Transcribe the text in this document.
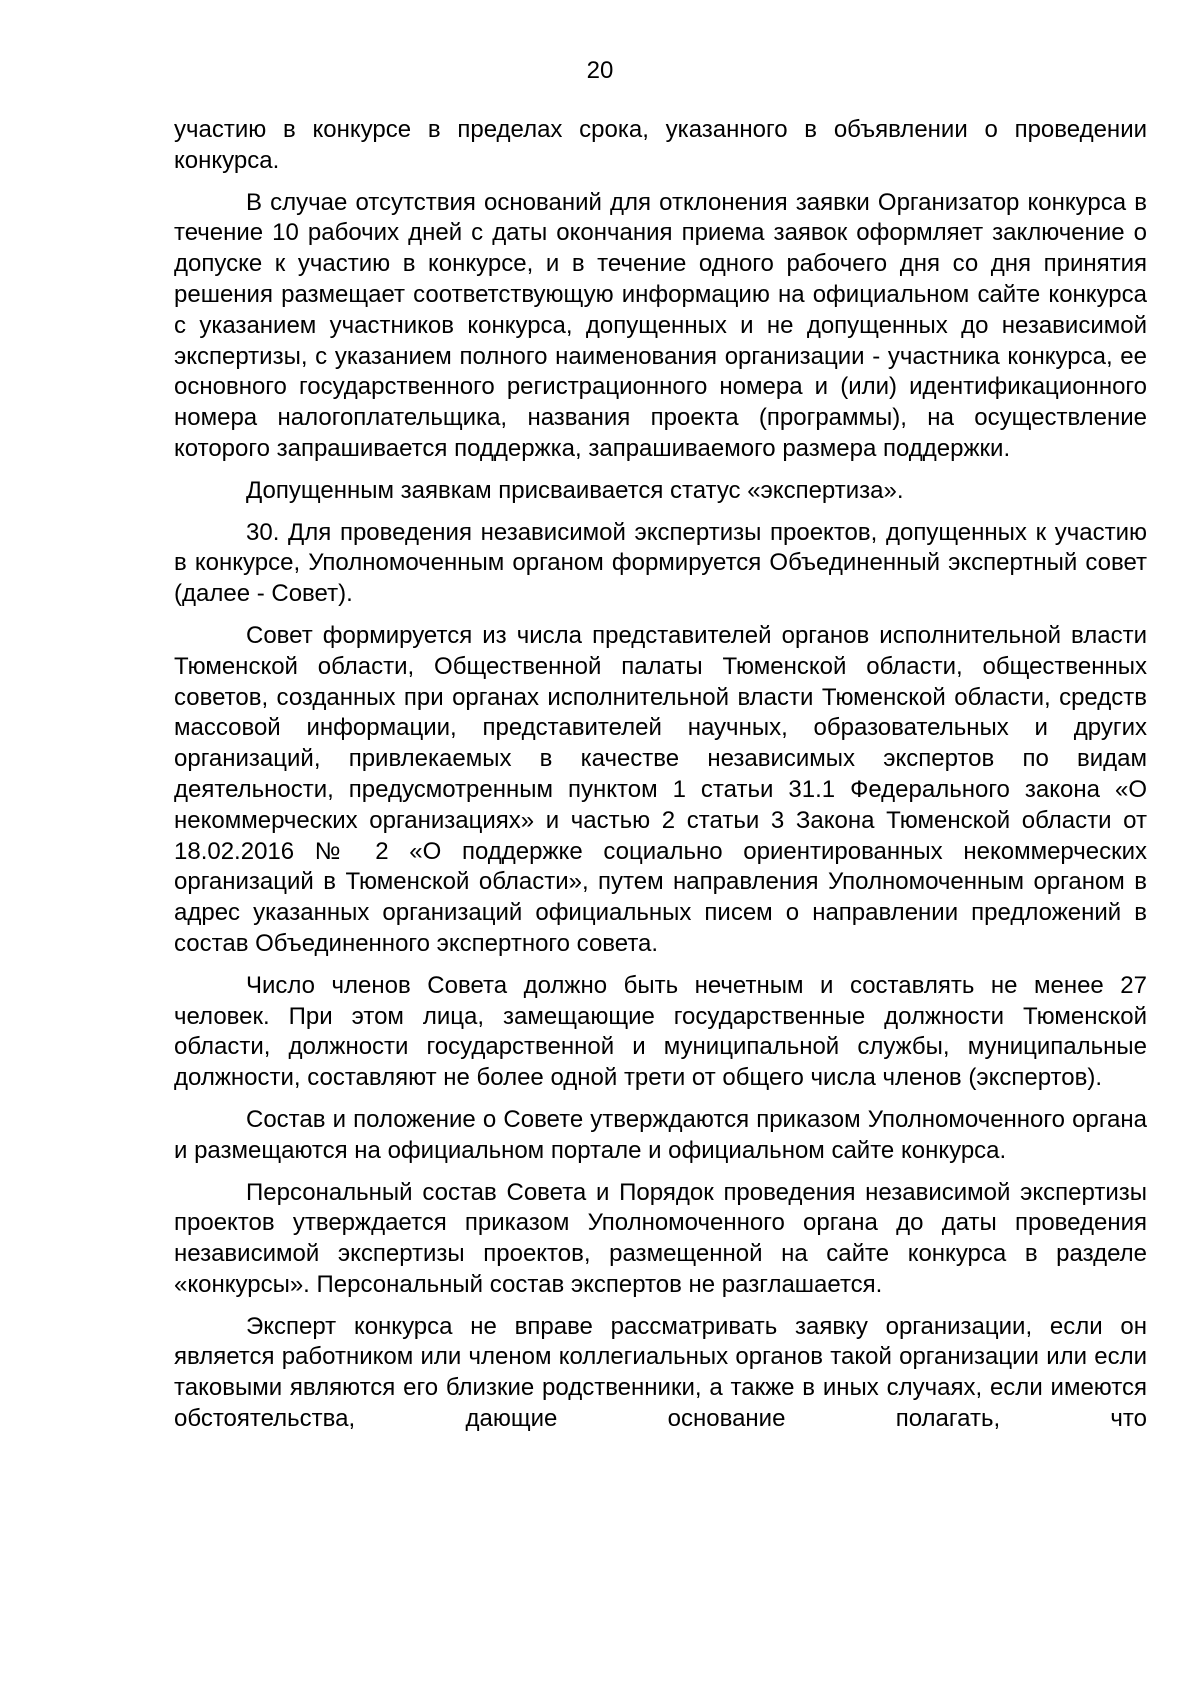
20

участию в конкурсе в пределах срока, указанного в объявлении о проведении конкурса.

В случае отсутствия оснований для отклонения заявки Организатор конкурса в течение 10 рабочих дней с даты окончания приема заявок оформляет заключение о допуске к участию в конкурсе, и в течение одного рабочего дня со дня принятия решения размещает соответствующую информацию на официальном сайте конкурса с указанием участников конкурса, допущенных и не допущенных до независимой экспертизы, с указанием полного наименования организации - участника конкурса, ее основного государственного регистрационного номера и (или) идентификационного номера налогоплательщика, названия проекта (программы), на осуществление которого запрашивается поддержка, запрашиваемого размера поддержки.

Допущенным заявкам присваивается статус «экспертиза».

30. Для проведения независимой экспертизы проектов, допущенных к участию в конкурсе, Уполномоченным органом формируется Объединенный экспертный совет (далее - Совет).

Совет формируется из числа представителей органов исполнительной власти Тюменской области, Общественной палаты Тюменской области, общественных советов, созданных при органах исполнительной власти Тюменской области, средств массовой информации, представителей научных, образовательных и других организаций, привлекаемых в качестве независимых экспертов по видам деятельности, предусмотренным пунктом 1 статьи 31.1 Федерального закона «О некоммерческих организациях» и частью 2 статьи 3 Закона Тюменской области от 18.02.2016 № 2 «О поддержке социально ориентированных некоммерческих организаций в Тюменской области», путем направления Уполномоченным органом в адрес указанных организаций официальных писем о направлении предложений в состав Объединенного экспертного совета.

Число членов Совета должно быть нечетным и составлять не менее 27 человек. При этом лица, замещающие государственные должности Тюменской области, должности государственной и муниципальной службы, муниципальные должности, составляют не более одной трети от общего числа членов (экспертов).

Состав и положение о Совете утверждаются приказом Уполномоченного органа и размещаются на официальном портале и официальном сайте конкурса.

Персональный состав Совета и Порядок проведения независимой экспертизы проектов утверждается приказом Уполномоченного органа до даты проведения независимой экспертизы проектов, размещенной на сайте конкурса в разделе «конкурсы». Персональный состав экспертов не разглашается.

Эксперт конкурса не вправе рассматривать заявку организации, если он является работником или членом коллегиальных органов такой организации или если таковыми являются его близкие родственники, а также в иных случаях, если имеются обстоятельства, дающие основание полагать, что
